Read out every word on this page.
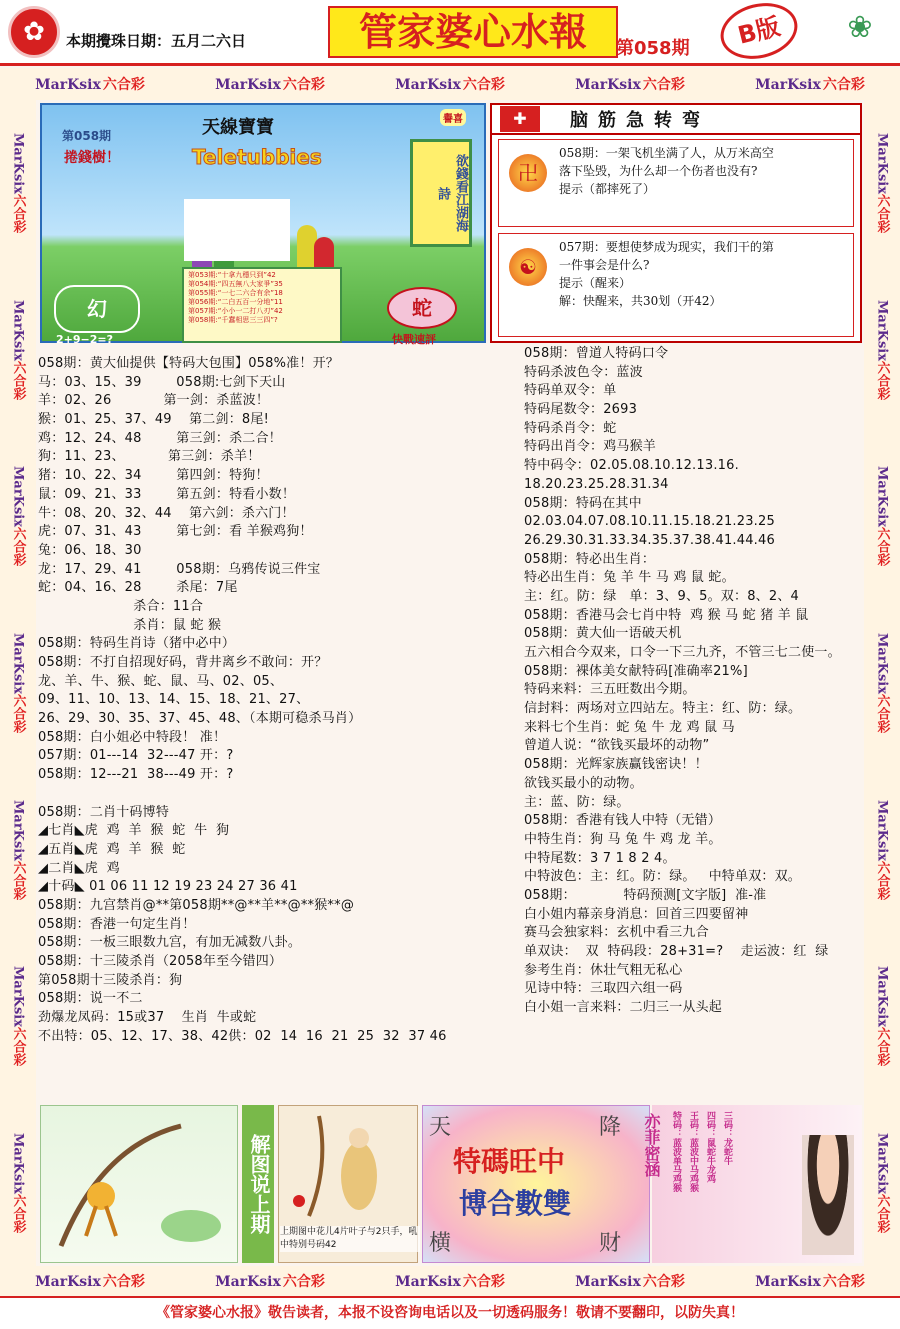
✿	本期攪珠日期：五月二六日	管家婆心水報	第058期	B版	❀
MarKsix 六合彩	MarKsix 六合彩	MarKsix 六合彩	MarKsix 六合彩	MarKsix 六合彩
MarKsix 六合彩	MarKsix 六合彩	MarKsix 六合彩	MarKsix 六合彩	MarKsix 六合彩
MarKsix六合彩
MarKsix六合彩
MarKsix六合彩
MarKsix六合彩
MarKsix六合彩
MarKsix六合彩
MarKsix六合彩
MarKsix六合彩
MarKsix六合彩
MarKsix六合彩
MarKsix六合彩
MarKsix六合彩
MarKsix六合彩
MarKsix六合彩
第058期
捲錢樹！
天線寶寶
Teletubbies
譽喜
欲錢看江湖海詩
第053期:“十拿九穩只到”42
第054期:“四五無八大家爭”35
第055期:“一七二六合有余”18
第056期:“二白五百一分地”11
第057期:“小小一二打八刃”42
第058期:“千蠢相思三三四”?
幻
2+9−2=?
蛇
快戰速評
✚	脑筋急转弯
卍
058期：一架飞机坐满了人，从万米高空
落下坠毁，为什么却一个伤者也没有?
提示（都摔死了）
☯
057期：要想使梦成为现实，我们干的第
一件事会是什么?
提示（醒来）
解：快醒来，共30划（开42）
058期：黄大仙提供【特码大包围】058%准！开？
马：03、15、39        058期:七剑下天山
羊：02、26            第一剑：杀蓝波！
猴：01、25、37、49    第二剑：8尾!
鸡：12、24、48        第三剑：杀二合！
狗：11、23、          第三剑：杀羊！
猪：10、22、34        第四剑：特狗！
鼠：09、21、33        第五剑：特看小数！
牛：08、20、32、44    第六剑：杀六门！
虎：07、31、43        第七剑：看 羊猴鸡狗！
兔：06、18、30
龙：17、29、41        058期：乌鸦传说三件宝
蛇：04、16、28        杀尾：7尾
杀合：11合
杀肖：鼠 蛇 猴
058期：特码生肖诗（猪中必中）
058期：不打自招现好码，背井离乡不敢问：开？
龙、羊、牛、猴、蛇、鼠、马、02、05、
09、11、10、13、14、15、18、21、27、
26、29、30、35、37、45、48、（本期可稳杀马肖）
058期：白小姐必中特段！ 准！
057期：01---14  32---47 开：?
058期：12---21  38---49 开：?
058期：二肖十码博特
◢七肖◣虎  鸡  羊  猴  蛇  牛  狗
◢五肖◣虎  鸡  羊  猴  蛇
◢二肖◣虎  鸡
◢十码◣ 01 06 11 12 19 23 24 27 36 41
058期：九宫禁肖@**第058期**@**羊**@**猴**@
058期：香港一句定生肖！
058期：一板三眼数九宫，有加无减数八卦。
058期：十三陵杀肖（2058年至今错四）
第058期十三陵杀肖：狗
058期：说一不二
劲爆龙凤码：15或37    生肖  牛或蛇
不出特：05、12、17、38、42供：02  14  16  21  25  32  37 46
058期：曾道人特码口令
特码杀波色令：蓝波
特码单双令：单
特码尾数令：2693
特码杀肖令：蛇
特码出肖令：鸡马猴羊
特中码令：02.05.08.10.12.13.16.
18.20.23.25.28.31.34
058期：特码在其中
02.03.04.07.08.10.11.15.18.21.23.25
26.29.30.31.33.34.35.37.38.41.44.46
058期：特必出生肖：
特必出生肖：兔 羊 牛 马 鸡 鼠 蛇。
主：红。防：绿   单：3、9、5。双：8、2、4
058期：香港马会七肖中特  鸡 猴 马 蛇 猪 羊 鼠
058期：黄大仙一语破天机
五六相合今双来，口令一下三九齐，不管三七二使一。
058期：裸体美女献特码[准确率21%]
特码来料：三五旺数出今期。
信封料：两场对立四站左。特主：红、防：绿。
来料七个生肖：蛇 兔 牛 龙 鸡 鼠 马
曾道人说：“欲钱买最坏的动物”
058期：光辉家族赢钱密诀！！
欲钱买最小的动物。
主：蓝、防：绿。
058期：香港有钱人中特（无错）
中特生肖：狗 马 兔 牛 鸡 龙 羊。
中特尾数：3 7 1 8 2 4。
中特波色：主：红。防：绿。   中特单双：双。
058期：           特码预测[文字版]  准-准
白小姐内幕亲身消息：回首三四要留神
赛马会独家料：玄机中看三九合
单双诀：  双  特码段：28+31=?    走运波：红  绿
参考生肖：休壮气粗无私心
见诗中特：三取四六组一码
白小姐一言来料：二归三一从头起
解图说上期	上期图中花儿4片叶子与2只手，吼中特别号码42
天	降
横	财
特碼旺中
博合數雙
亦菲密涵 特码：蓝波单马鸡猴 王码：蓝波中马鸡猴 四码：鼠蛇牛龙鸡 三码：龙蛇牛
《管家婆心水报》敬告读者，本报不设咨询电话以及一切透码服务！敬请不要翻印，以防失真！
